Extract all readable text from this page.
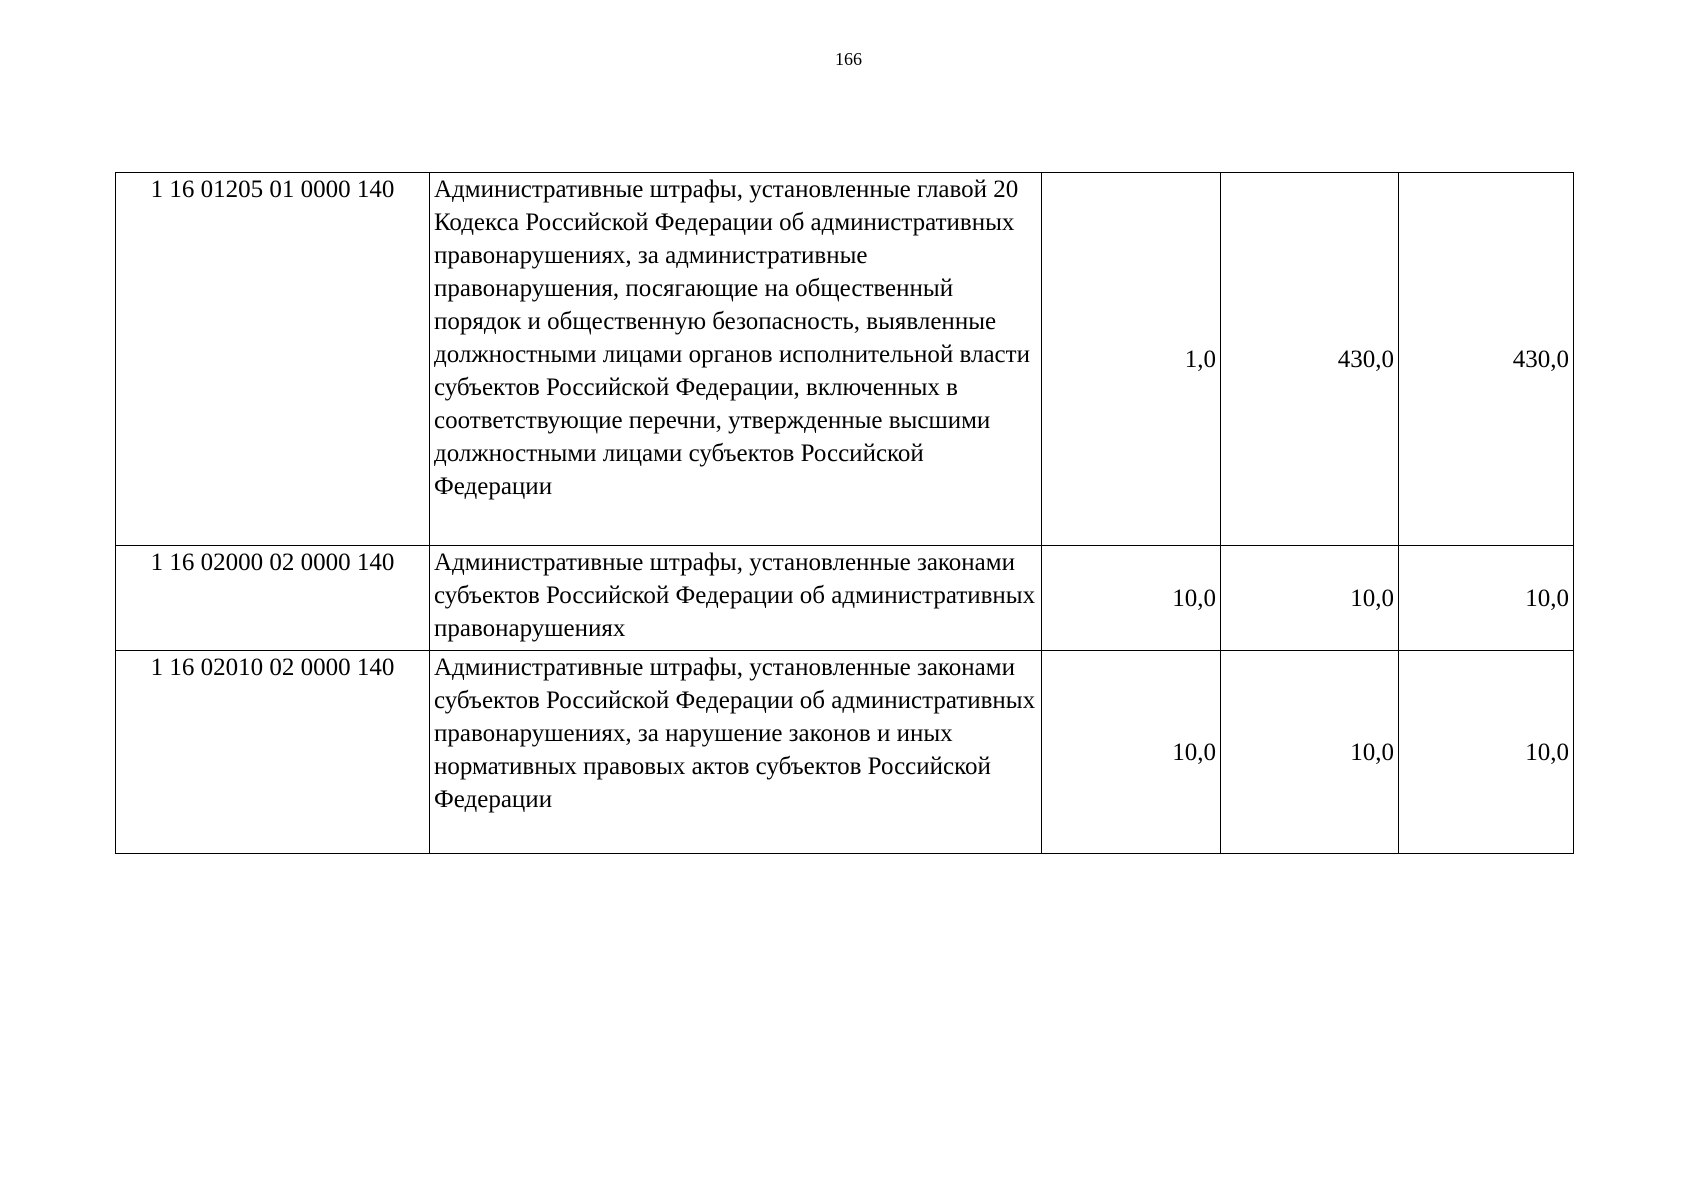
166
1 16 01205 01 0000 140	Административные штрафы, установленные главой 20 Кодекса Российской Федерации об административных правонарушениях, за административные правонарушения, посягающие на общественный порядок и общественную безопасность, выявленные должностными лицами органов исполнительной власти субъектов Российской Федерации, включенных в соответствующие перечни, утвержденные высшими должностными лицами субъектов Российской Федерации	1,0	430,0	430,0
1 16 02000 02 0000 140	Административные штрафы, установленные законами субъектов Российской Федерации об административных правонарушениях	10,0	10,0	10,0
1 16 02010 02 0000 140	Административные штрафы, установленные законами субъектов Российской Федерации об административных правонарушениях, за нарушение законов и иных нормативных правовых актов субъектов Российской Федерации	10,0	10,0	10,0
